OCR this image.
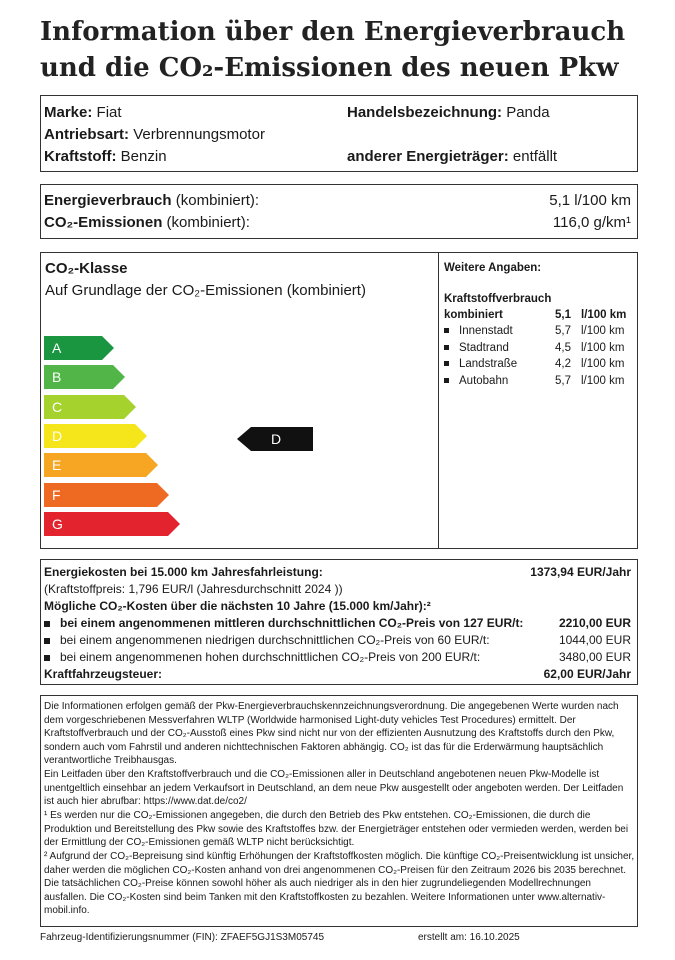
Information über den Energieverbrauch
und die CO₂-Emissionen des neuen Pkw
Marke: Fiat	Handelsbezeichnung: Panda
Antriebsart: Verbrennungsmotor
Kraftstoff: Benzin	anderer Energieträger: entfällt
Energieverbrauch (kombiniert):	5,1 l/100 km
CO₂-Emissionen (kombiniert):	116,0 g/km¹
CO₂-Klasse
Auf Grundlage der CO₂-Emissionen (kombiniert)
A
B
C
D
E
F
G
D
Weitere Angaben:
Kraftstoffverbrauch
kombiniert	5,1 l/100 km
Innenstadt	5,7 l/100 km
Stadtrand	4,5 l/100 km
Landstraße	4,2 l/100 km
Autobahn	5,7 l/100 km
Energiekosten bei 15.000 km Jahresfahrleistung:	1373,94 EUR/Jahr
(Kraftstoffpreis: 1,796 EUR/l (Jahresdurchschnitt 2024 ))
Mögliche CO₂-Kosten über die nächsten 10 Jahre (15.000 km/Jahr):²
bei einem angenommenen mittleren durchschnittlichen CO₂-Preis von 127 EUR/t:	2210,00 EUR
bei einem angenommenen niedrigen durchschnittlichen CO₂-Preis von 60 EUR/t:	1044,00 EUR
bei einem angenommenen hohen durchschnittlichen CO₂-Preis von 200 EUR/t:	3480,00 EUR
Kraftfahrzeugsteuer:	62,00 EUR/Jahr
Die Informationen erfolgen gemäß der Pkw-Energieverbrauchskennzeichnungsverordnung. Die angegebenen Werte wurden nach dem vorgeschriebenen Messverfahren WLTP (Worldwide harmonised Light-duty vehicles Test Procedures) ermittelt. Der Kraftstoffverbrauch und der CO₂-Ausstoß eines Pkw sind nicht nur von der effizienten Ausnutzung des Kraftstoffs durch den Pkw, sondern auch vom Fahrstil und anderen nichttechnischen Faktoren abhängig. CO₂ ist das für die Erderwärmung hauptsächlich verantwortliche Treibhausgas.
Ein Leitfaden über den Kraftstoffverbrauch und die CO₂-Emissionen aller in Deutschland angebotenen neuen Pkw-Modelle ist unentgeltlich einsehbar an jedem Verkaufsort in Deutschland, an dem neue Pkw ausgestellt oder angeboten werden. Der Leitfaden ist auch hier abrufbar: https://www.dat.de/co2/
¹ Es werden nur die CO₂-Emissionen angegeben, die durch den Betrieb des Pkw entstehen. CO₂-Emissionen, die durch die Produktion und Bereitstellung des Pkw sowie des Kraftstoffes bzw. der Energieträger entstehen oder vermieden werden, werden bei der Ermittlung der CO₂-Emissionen gemäß WLTP nicht berücksichtigt.
² Aufgrund der CO₂-Bepreisung sind künftig Erhöhungen der Kraftstoffkosten möglich. Die künftige CO₂-Preisentwicklung ist unsicher, daher werden die möglichen CO₂-Kosten anhand von drei angenommenen CO₂-Preisen für den Zeitraum 2026 bis 2035 berechnet. Die tatsächlichen CO₂-Preise können sowohl höher als auch niedriger als in den hier zugrundeliegenden Modellrechnungen ausfallen. Die CO₂-Kosten sind beim Tanken mit den Kraftstoffkosten zu bezahlen. Weitere Informationen unter www.alternativ-mobil.info.
Fahrzeug-Identifizierungsnummer (FIN): ZFAEF5GJ1S3M05745	erstellt am: 16.10.2025
